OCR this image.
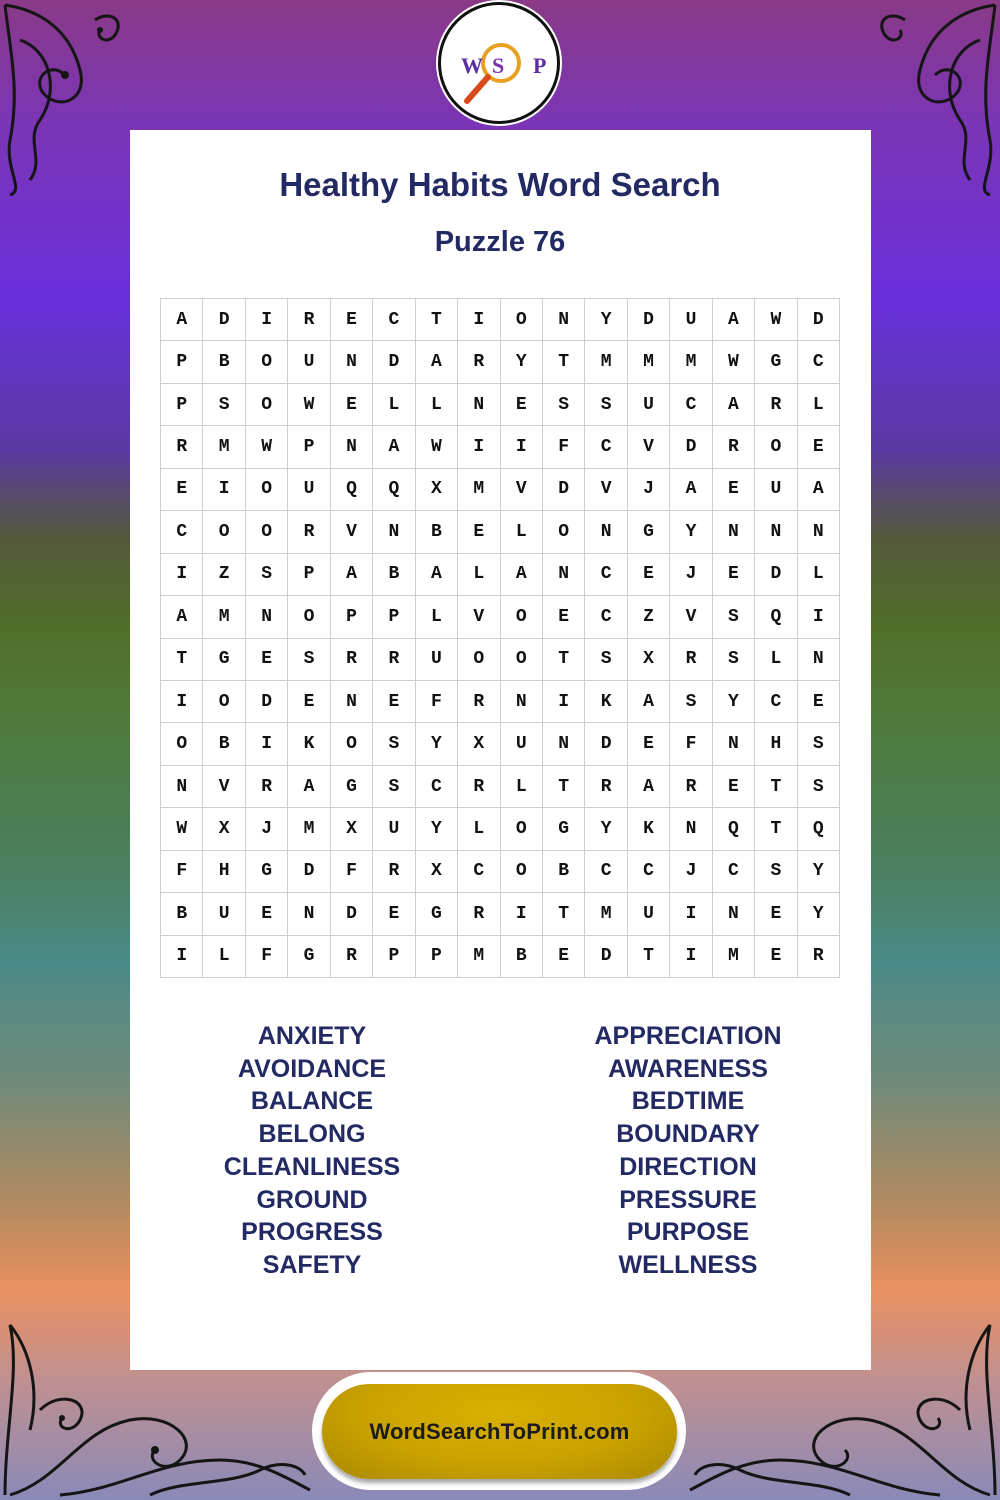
W S P
Healthy Habits Word Search
Puzzle 76
A	D	I	R	E	C	T	I	O	N	Y	D	U	A	W	D
P	B	O	U	N	D	A	R	Y	T	M	M	M	W	G	C
P	S	O	W	E	L	L	N	E	S	S	U	C	A	R	L
R	M	W	P	N	A	W	I	I	F	C	V	D	R	O	E
E	I	O	U	Q	Q	X	M	V	D	V	J	A	E	U	A
C	O	O	R	V	N	B	E	L	O	N	G	Y	N	N	N
I	Z	S	P	A	B	A	L	A	N	C	E	J	E	D	L
A	M	N	O	P	P	L	V	O	E	C	Z	V	S	Q	I
T	G	E	S	R	R	U	O	O	T	S	X	R	S	L	N
I	O	D	E	N	E	F	R	N	I	K	A	S	Y	C	E
O	B	I	K	O	S	Y	X	U	N	D	E	F	N	H	S
N	V	R	A	G	S	C	R	L	T	R	A	R	E	T	S
W	X	J	M	X	U	Y	L	O	G	Y	K	N	Q	T	Q
F	H	G	D	F	R	X	C	O	B	C	C	J	C	S	Y
B	U	E	N	D	E	G	R	I	T	M	U	I	N	E	Y
I	L	F	G	R	P	P	M	B	E	D	T	I	M	E	R
ANXIETY
AVOIDANCE
BALANCE
BELONG
CLEANLINESS
GROUND
PROGRESS
SAFETY
APPRECIATION
AWARENESS
BEDTIME
BOUNDARY
DIRECTION
PRESSURE
PURPOSE
WELLNESS
WordSearchToPrint.com
